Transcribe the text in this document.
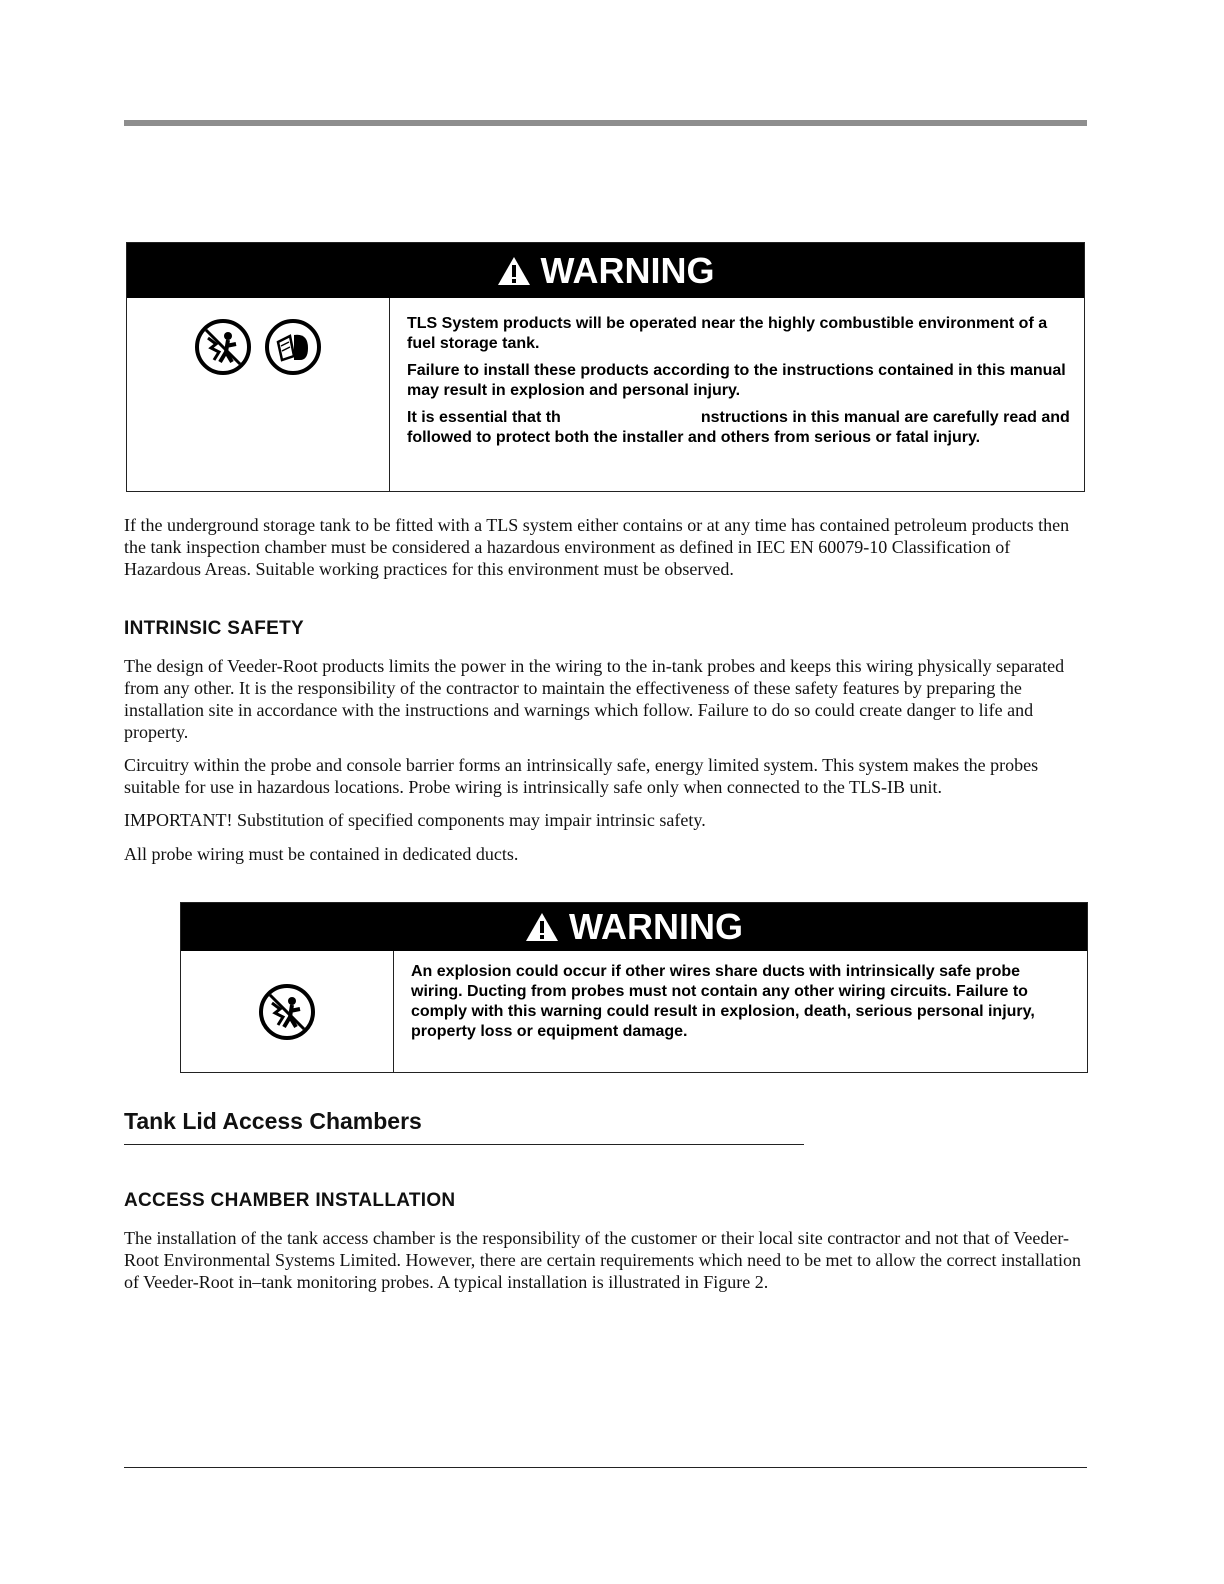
WARNING

TLS System products will be operated near the highly combustible environment of a fuel storage tank.

Failure to install these products according to the instructions contained in this manual may result in explosion and personal injury.

It is essential that th	nstructions in this manual are carefully read and followed to protect both the installer and others from serious or fatal injury.

If the underground storage tank to be fitted with a TLS system either contains or at any time has contained petroleum products then the tank inspection chamber must be considered a hazardous environment as defined in IEC EN 60079-10 Classification of Hazardous Areas. Suitable working practices for this environment must be observed.

INTRINSIC SAFETY

The design of Veeder-Root products limits the power in the wiring to the in-tank probes and keeps this wiring physically separated from any other. It is the responsibility of the contractor to maintain the effectiveness of these safety features by preparing the installation site in accordance with the instructions and warnings which follow. Failure to do so could create danger to life and property.

Circuitry within the probe and console barrier forms an intrinsically safe, energy limited system. This system makes the probes suitable for use in hazardous locations. Probe wiring is intrinsically safe only when connected to the TLS-IB unit.

IMPORTANT! Substitution of specified components may impair intrinsic safety.

All probe wiring must be contained in dedicated ducts.

WARNING

An explosion could occur if other wires share ducts with intrinsically safe probe wiring. Ducting from probes must not contain any other wiring circuits. Failure to comply with this warning could result in explosion, death, serious personal injury, property loss or equipment damage.

Tank Lid Access Chambers
ACCESS CHAMBER INSTALLATION

The installation of the tank access chamber is the responsibility of the customer or their local site contractor and not that of Veeder-Root Environmental Systems Limited. However, there are certain requirements which need to be met to allow the correct installation of Veeder-Root in–tank monitoring probes. A typical installation is illustrated in Figure 2.
